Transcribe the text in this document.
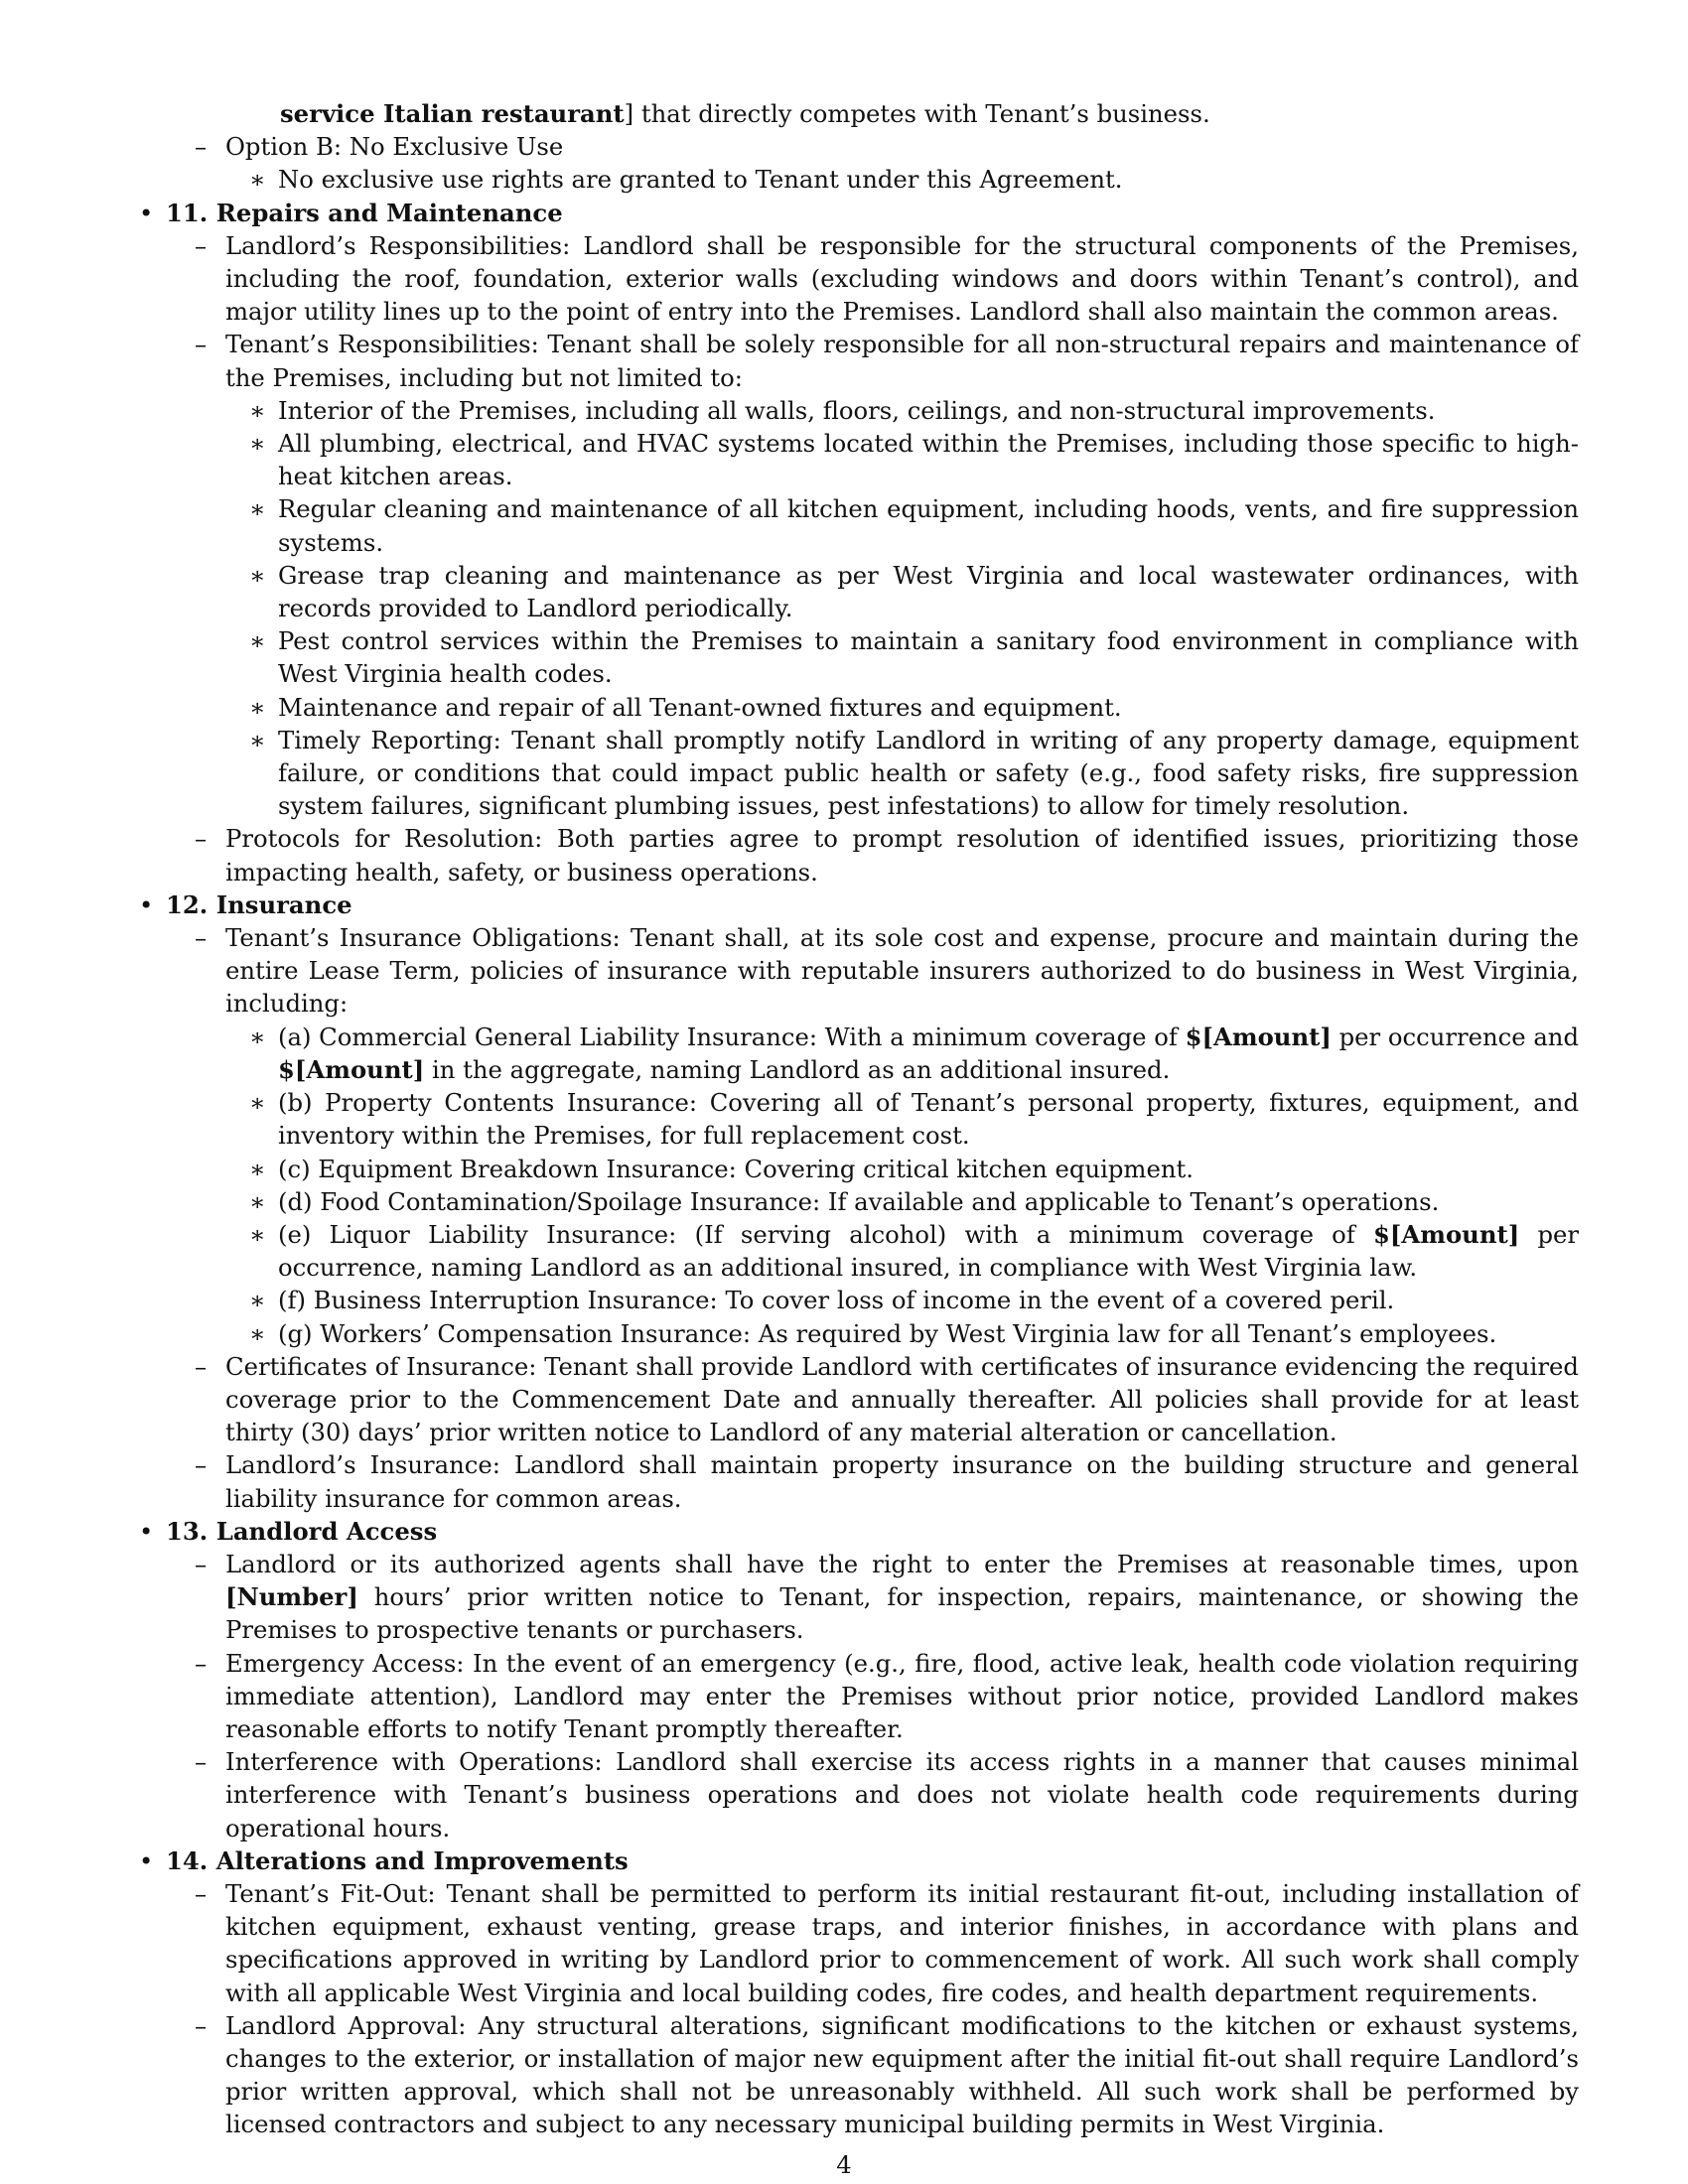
service Italian restaurant] that directly competes with Tenant’s business.
– Option B: No Exclusive Use
∗ No exclusive use rights are granted to Tenant under this Agreement.
• 11. Repairs and Maintenance
– Landlord’s Responsibilities: Landlord shall be responsible for the structural components of the Premises, including the roof, foundation, exterior walls (excluding windows and doors within Tenant’s control), and major utility lines up to the point of entry into the Premises. Landlord shall also maintain the common areas.
– Tenant’s Responsibilities: Tenant shall be solely responsible for all non-structural repairs and maintenance of the Premises, including but not limited to:
∗ Interior of the Premises, including all walls, floors, ceilings, and non-structural improvements.
∗ All plumbing, electrical, and HVAC systems located within the Premises, including those specific to high-heat kitchen areas.
∗ Regular cleaning and maintenance of all kitchen equipment, including hoods, vents, and fire suppression systems.
∗ Grease trap cleaning and maintenance as per West Virginia and local wastewater ordinances, with records provided to Landlord periodically.
∗ Pest control services within the Premises to maintain a sanitary food environment in compliance with West Virginia health codes.
∗ Maintenance and repair of all Tenant-owned fixtures and equipment.
∗ Timely Reporting: Tenant shall promptly notify Landlord in writing of any property damage, equipment failure, or conditions that could impact public health or safety (e.g., food safety risks, fire suppression system failures, significant plumbing issues, pest infestations) to allow for timely resolution.
– Protocols for Resolution: Both parties agree to prompt resolution of identified issues, prioritizing those impacting health, safety, or business operations.
• 12. Insurance
– Tenant’s Insurance Obligations: Tenant shall, at its sole cost and expense, procure and maintain during the entire Lease Term, policies of insurance with reputable insurers authorized to do business in West Virginia, including:
∗ (a) Commercial General Liability Insurance: With a minimum coverage of $[Amount] per occurrence and $[Amount] in the aggregate, naming Landlord as an additional insured.
∗ (b) Property Contents Insurance: Covering all of Tenant’s personal property, fixtures, equipment, and inventory within the Premises, for full replacement cost.
∗ (c) Equipment Breakdown Insurance: Covering critical kitchen equipment.
∗ (d) Food Contamination/Spoilage Insurance: If available and applicable to Tenant’s operations.
∗ (e) Liquor Liability Insurance: (If serving alcohol) with a minimum coverage of $[Amount] per occurrence, naming Landlord as an additional insured, in compliance with West Virginia law.
∗ (f) Business Interruption Insurance: To cover loss of income in the event of a covered peril.
∗ (g) Workers’ Compensation Insurance: As required by West Virginia law for all Tenant’s employees.
– Certificates of Insurance: Tenant shall provide Landlord with certificates of insurance evidencing the required coverage prior to the Commencement Date and annually thereafter. All policies shall provide for at least thirty (30) days’ prior written notice to Landlord of any material alteration or cancellation.
– Landlord’s Insurance: Landlord shall maintain property insurance on the building structure and general liability insurance for common areas.
• 13. Landlord Access
– Landlord or its authorized agents shall have the right to enter the Premises at reasonable times, upon [Number] hours’ prior written notice to Tenant, for inspection, repairs, maintenance, or showing the Premises to prospective tenants or purchasers.
– Emergency Access: In the event of an emergency (e.g., fire, flood, active leak, health code violation requiring immediate attention), Landlord may enter the Premises without prior notice, provided Landlord makes reasonable efforts to notify Tenant promptly thereafter.
– Interference with Operations: Landlord shall exercise its access rights in a manner that causes minimal interference with Tenant’s business operations and does not violate health code requirements during operational hours.
• 14. Alterations and Improvements
– Tenant’s Fit-Out: Tenant shall be permitted to perform its initial restaurant fit-out, including installation of kitchen equipment, exhaust venting, grease traps, and interior finishes, in accordance with plans and specifications approved in writing by Landlord prior to commencement of work. All such work shall comply with all applicable West Virginia and local building codes, fire codes, and health department requirements.
– Landlord Approval: Any structural alterations, significant modifications to the kitchen or exhaust systems, changes to the exterior, or installation of major new equipment after the initial fit-out shall require Landlord’s prior written approval, which shall not be unreasonably withheld. All such work shall be performed by licensed contractors and subject to any necessary municipal building permits in West Virginia.
4
